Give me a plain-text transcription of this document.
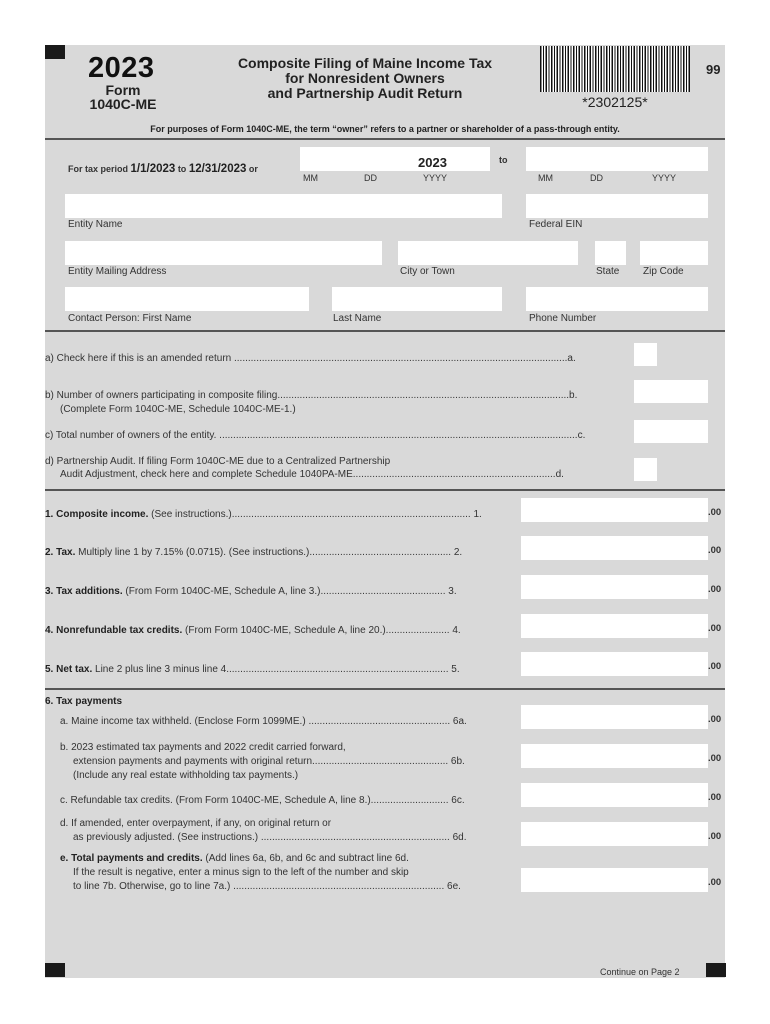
2023
Form
1040C-ME
Composite Filing of Maine Income Tax
for Nonresident Owners
and Partnership Audit Return
*2302125*
99
For purposes of Form 1040C-ME, the term “owner” refers to a partner or shareholder of a pass-through entity.
For tax period 1/1/2023 to 12/31/2023 or	2023
MM	DD	YYYY
to
MM	DD	YYYY
Entity Name	Federal EIN
Entity Mailing Address	City or Town	State Zip Code
Contact Person: First Name	Last Name	Phone Number
a) Check here if this is an amended return ........................................................................................................................a.
b) Number of owners participating in composite filing.........................................................................................................b.
(Complete Form 1040C-ME, Schedule 1040C-ME-1.)
c) Total number of owners of the entity. .................................................................................................................................c.
d) Partnership Audit. If filing Form 1040C-ME due to a Centralized Partnership
Audit Adjustment, check here and complete Schedule 1040PA-ME.........................................................................d.
1. Composite income. (See instructions.)...................................................................................... 1.	.00
2. Tax. Multiply line 1 by 7.15% (0.0715). (See instructions.)................................................... 2.	.00
3. Tax additions. (From Form 1040C-ME, Schedule A, line 3.)............................................. 3.	.00
4. Nonrefundable tax credits. (From Form 1040C-ME, Schedule A, line 20.)....................... 4.	.00
5. Net tax. Line 2 plus line 3 minus line 4................................................................................ 5.	.00
6. Tax payments
a. Maine income tax withheld. (Enclose Form 1099ME.) ................................................... 6a.	.00
b. 2023 estimated tax payments and 2022 credit carried forward,
extension payments and payments with original return................................................. 6b.
(Include any real estate withholding tax payments.)
.00
c. Refundable tax credits. (From Form 1040C-ME, Schedule A, line 8.)............................ 6c.	.00
d. If amended, enter overpayment, if any, on original return or
as previously adjusted. (See instructions.) .................................................................... 6d.	.00
e. Total payments and credits. (Add lines 6a, 6b, and 6c and subtract line 6d.
If the result is negative, enter a minus sign to the left of the number and skip
to line 7b. Otherwise, go to line 7a.) ............................................................................ 6e.	.00
Continue on Page 2
